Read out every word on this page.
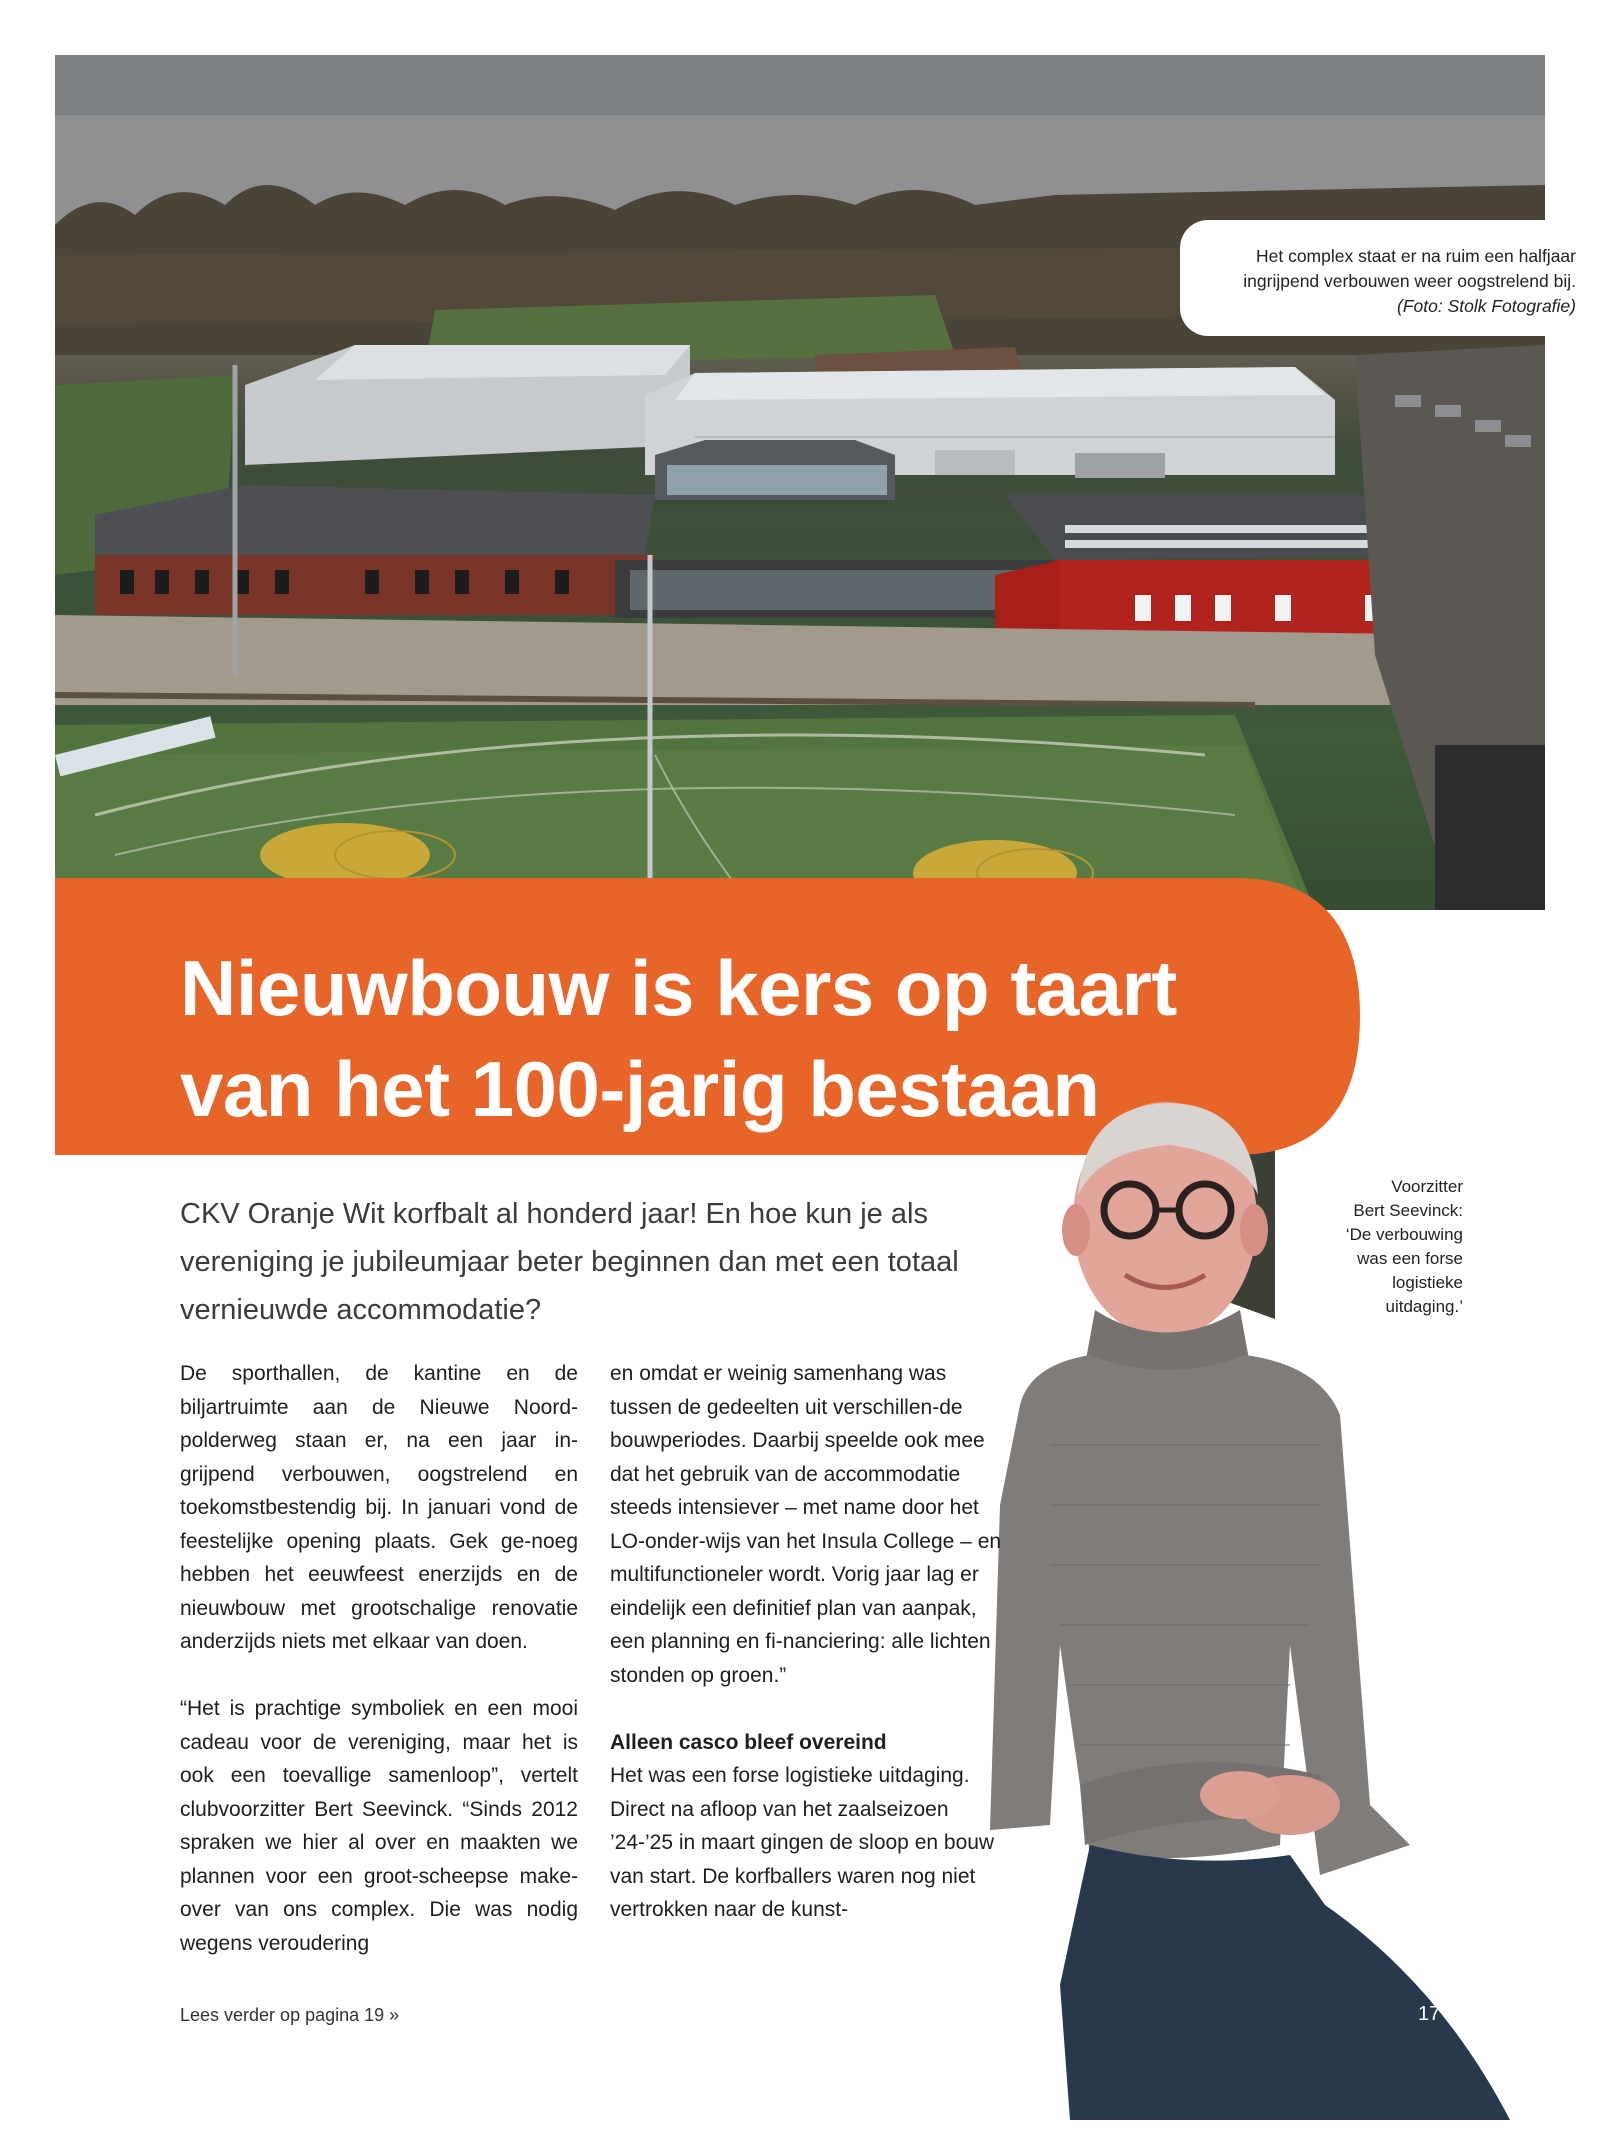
Het complex staat er na ruim een halfjaar
ingrijpend verbouwen weer oogstrelend bij.
(Foto: Stolk Fotografie)
Nieuwbouw is kers op taart
van het 100-jarig bestaan
Voorzitter
Bert Seevinck:
‘De verbouwing
was een forse
logistieke
uitdaging.’

CKV Oranje Wit korfbalt al honderd jaar! En hoe kun je als vereniging je jubileumjaar beter beginnen dan met een totaal vernieuwde accommodatie?

De sporthallen, de kantine en de biljartruimte aan de Nieuwe Noord-polderweg staan er, na een jaar in-grijpend verbouwen, oogstrelend en toekomstbestendig bij. In januari vond de feestelijke opening plaats. Gek ge-noeg hebben het eeuwfeest enerzijds en de nieuwbouw met grootschalige renovatie anderzijds niets met elkaar van doen.

“Het is prachtige symboliek en een mooi cadeau voor de vereniging, maar het is ook een toevallige samenloop”, vertelt clubvoorzitter Bert Seevinck. “Sinds 2012 spraken we hier al over en maakten we plannen voor een groot-scheepse make-over van ons complex. Die was nodig wegens veroudering

en omdat er weinig samenhang was tussen de gedeelten uit verschillen-de bouwperiodes. Daarbij speelde ook mee dat het gebruik van de accommodatie steeds intensiever – met name door het LO-onder-wijs van het Insula College – en multifunctioneler wordt. Vorig jaar lag er eindelijk een definitief plan van aanpak, een planning en fi-nanciering: alle lichten stonden op groen.”

Alleen casco bleef overeind

Het was een forse logistieke uitdaging. Direct na afloop van het zaalseizoen ’24-’25 in maart gingen de sloop en bouw van start. De korfballers waren nog niet vertrokken naar de kunst-

Lees verder op pagina 19 »	17
